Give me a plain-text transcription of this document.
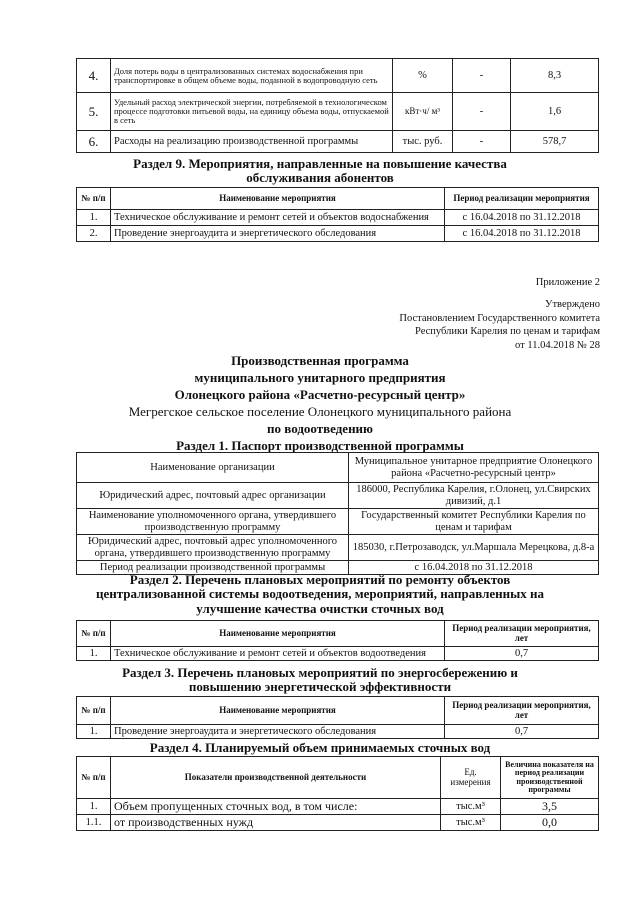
4.	Доля потерь воды в централизованных системах водоснабжения при транспортировке в общем объеме воды, поданной в водопроводную сеть	%	-	8,3
5.	Удельный расход электрической энергии, потребляемой в технологическом процессе подготовки питьевой воды, на единицу объема воды, отпускаемой в сеть	кВт·ч/ м³	-	1,6
6.	Расходы на реализацию производственной программы	тыс. руб.	-	578,7
Раздел 9. Мероприятия, направленные на повышение качества обслуживания абонентов
№ п/п	Наименование мероприятия	Период реализации мероприятия
1.	Техническое обслуживание и ремонт сетей и объектов водоснабжения	с 16.04.2018 по 31.12.2018
2.	Проведение энергоаудита и энергетического обследования	с 16.04.2018 по 31.12.2018
Приложение 2
Утверждено
Постановлением Государственного комитета
Республики Карелия по ценам и тарифам
от 11.04.2018 № 28
Производственная программа
муниципального унитарного предприятия
Олонецкого района «Расчетно-ресурсный центр»
Мегрегское сельское поселение Олонецкого муниципального района
по водоотведению
Раздел 1. Паспорт производственной программы
Наименование организации	Муниципальное унитарное предприятие Олонецкого района «Расчетно-ресурсный центр»
Юридический адрес, почтовый адрес организации	186000, Республика Карелия, г.Олонец, ул.Свирских дивизий, д.1
Наименование уполномоченного органа, утвердившего производственную программу	Государственный комитет Республики Карелия по ценам и тарифам
Юридический адрес, почтовый адрес уполномоченного органа, утвердившего производственную программу	185030, г.Петрозаводск, ул.Маршала Мерецкова, д.8-а
Период реализации производственной программы	с 16.04.2018 по 31.12.2018
Раздел 2. Перечень плановых мероприятий по ремонту объектов централизованной системы водоотведения, мероприятий, направленных на улучшение качества очистки сточных вод
№ п/п	Наименование мероприятия	Период реализации мероприятия, лет
1.	Техническое обслуживание и ремонт сетей и объектов водоотведения	0,7
Раздел 3. Перечень плановых мероприятий по энергосбережению и повышению энергетической эффективности
№ п/п	Наименование мероприятия	Период реализации мероприятия, лет
1.	Проведение энергоаудита и энергетического обследования	0,7
Раздел 4. Планируемый объем принимаемых сточных вод
№ п/п	Показатели производственной деятельности	Ед. измерения	Величина показателя на период реализации производственной программы
1.	Объем пропущенных сточных вод, в том числе:	тыс.м³	3,5
1.1.	от производственных нужд	тыс.м³	0,0
